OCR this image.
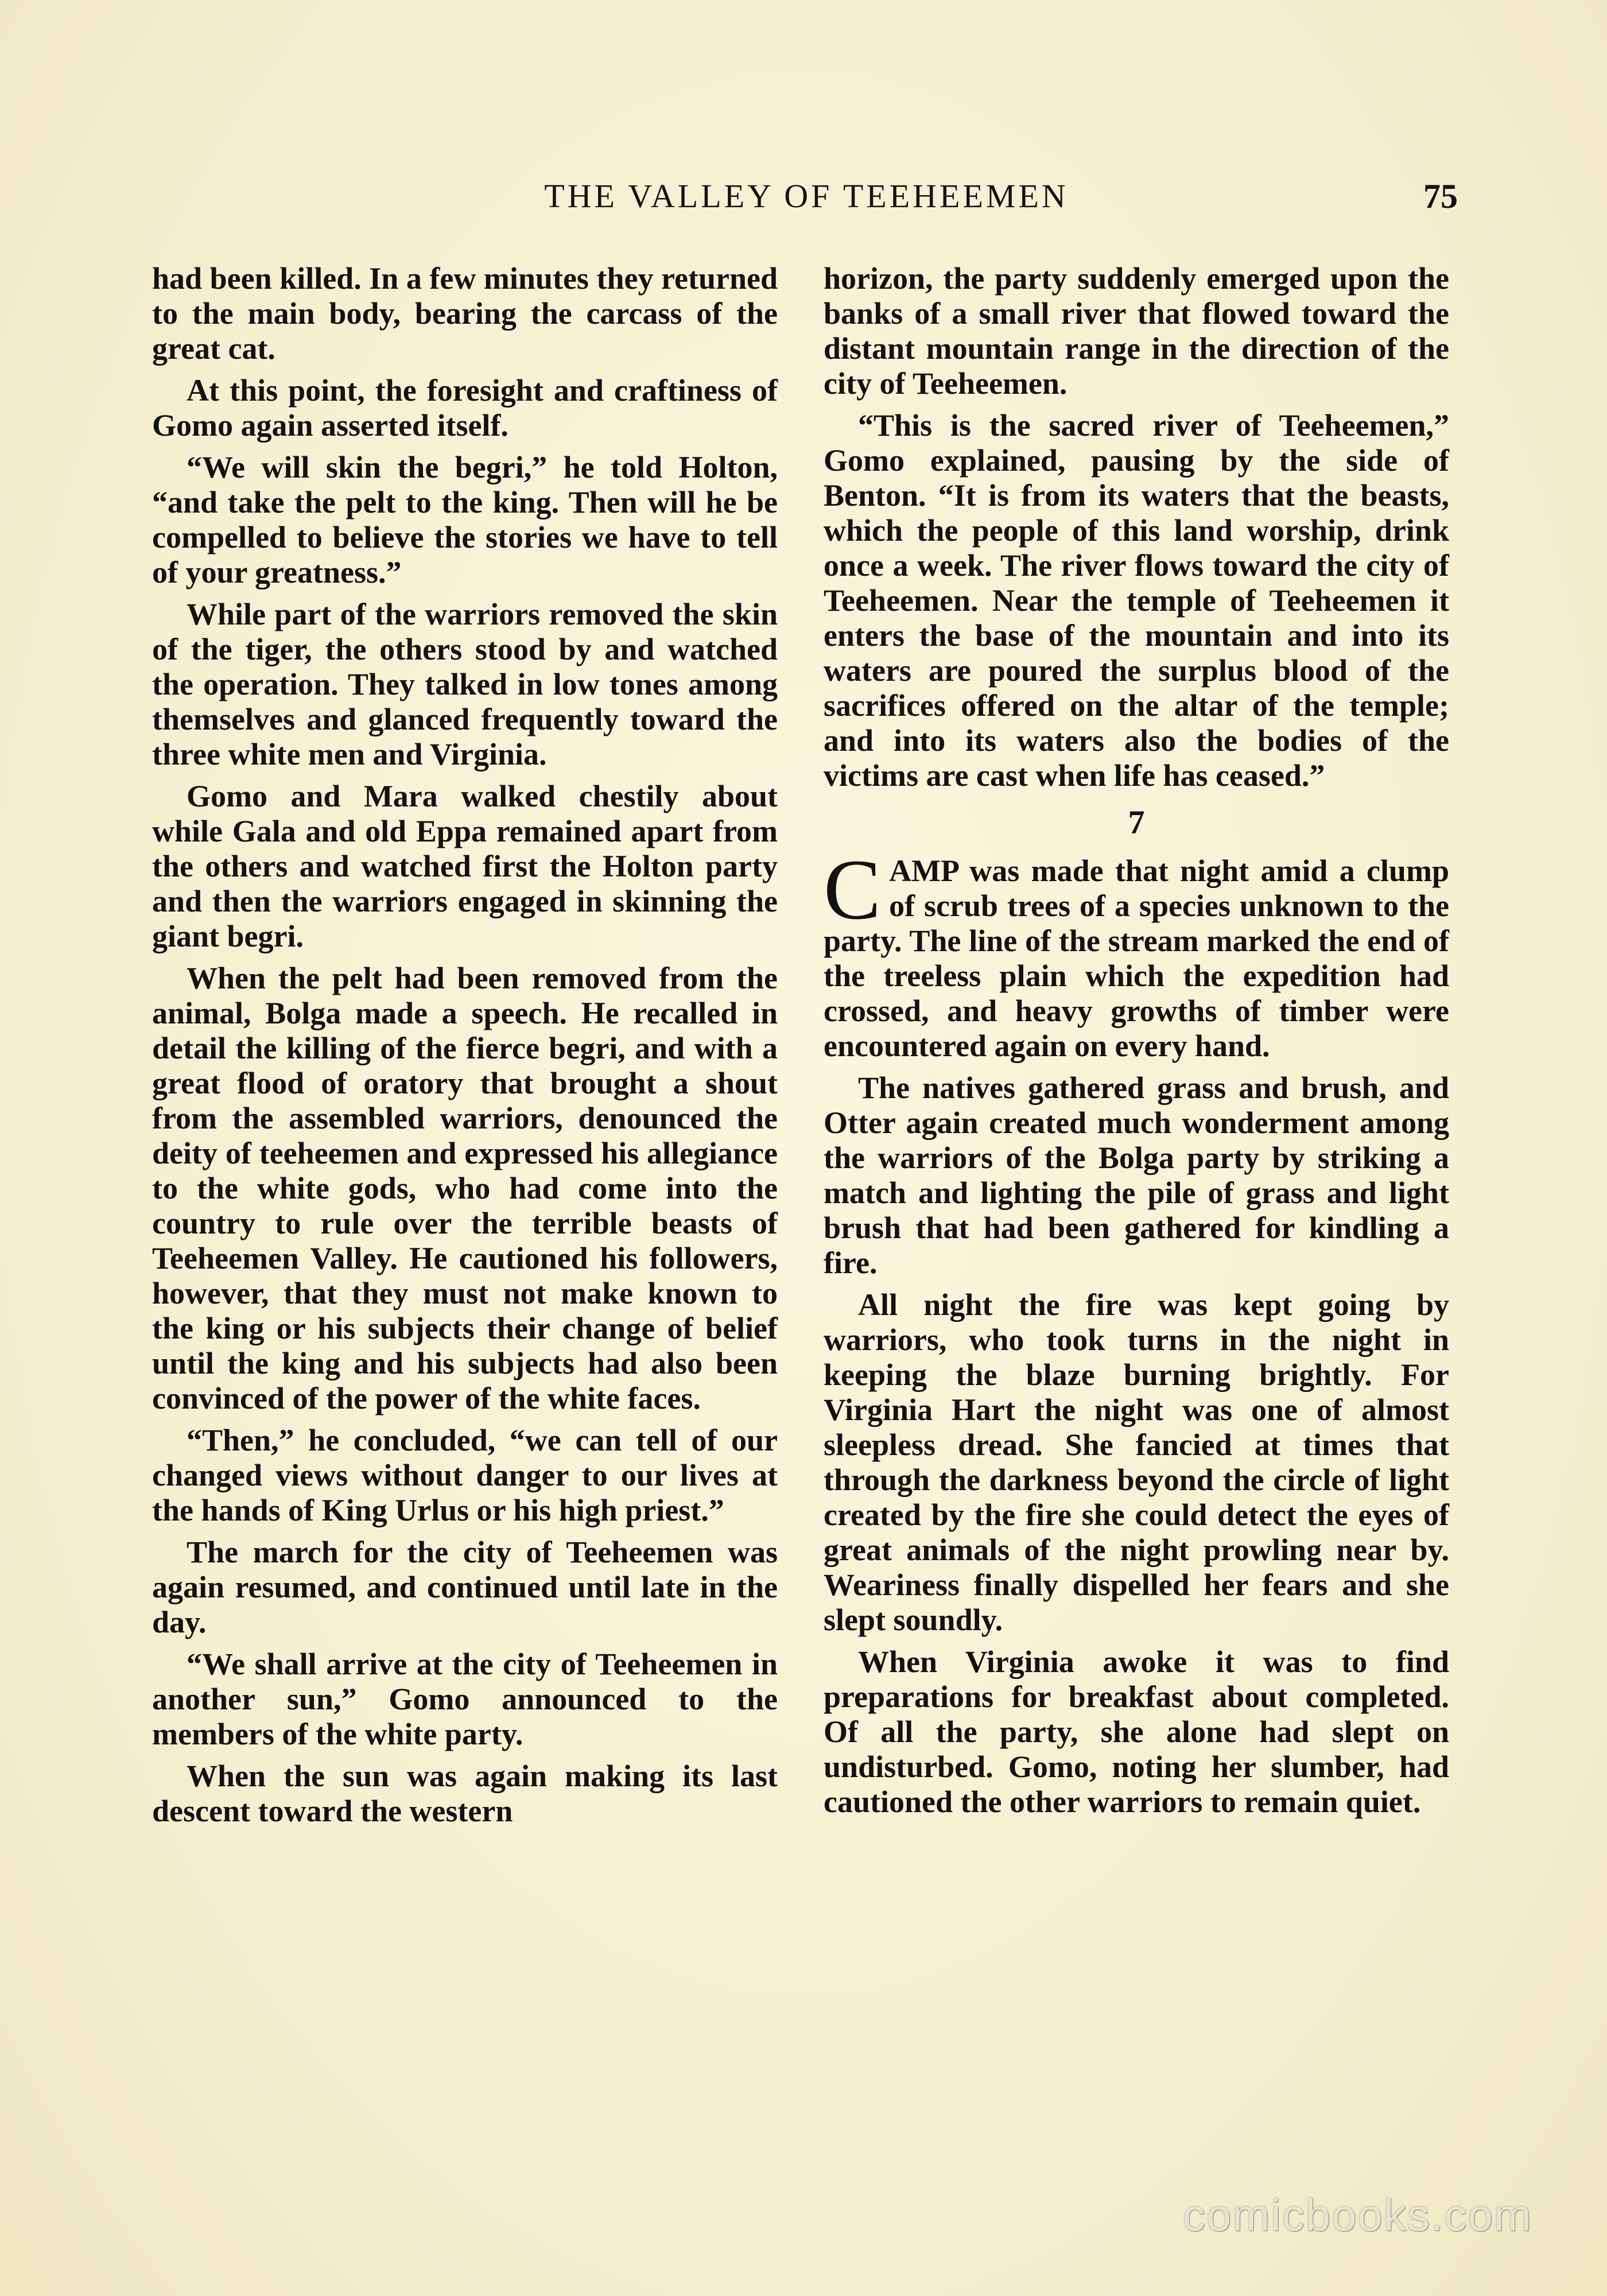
THE VALLEY OF TEEHEEMEN	75

had been killed. In a few minutes they returned to the main body, bearing the carcass of the great cat.

At this point, the foresight and craftiness of Gomo again asserted itself.

“We will skin the begri,” he told Holton, “and take the pelt to the king. Then will he be compelled to believe the stories we have to tell of your greatness.”

While part of the warriors removed the skin of the tiger, the others stood by and watched the operation. They talked in low tones among themselves and glanced frequently toward the three white men and Virginia.

Gomo and Mara walked chestily about while Gala and old Eppa remained apart from the others and watched first the Holton party and then the warriors engaged in skinning the giant begri.

When the pelt had been removed from the animal, Bolga made a speech. He recalled in detail the killing of the fierce begri, and with a great flood of oratory that brought a shout from the assembled warriors, denounced the deity of teeheemen and expressed his allegiance to the white gods, who had come into the country to rule over the terrible beasts of Teeheemen Valley. He cautioned his followers, however, that they must not make known to the king or his subjects their change of belief until the king and his subjects had also been convinced of the power of the white faces.

“Then,” he concluded, “we can tell of our changed views without danger to our lives at the hands of King Urlus or his high priest.”

The march for the city of Teeheemen was again resumed, and continued until late in the day.

“We shall arrive at the city of Teeheemen in another sun,” Gomo announced to the members of the white party.

When the sun was again making its last descent toward the western

horizon, the party suddenly emerged upon the banks of a small river that flowed toward the distant mountain range in the direction of the city of Teeheemen.

“This is the sacred river of Teeheemen,” Gomo explained, pausing by the side of Benton. “It is from its waters that the beasts, which the people of this land worship, drink once a week. The river flows toward the city of Teeheemen. Near the temple of Teeheemen it enters the base of the mountain and into its waters are poured the surplus blood of the sacrifices offered on the altar of the temple; and into its waters also the bodies of the victims are cast when life has ceased.”

7

CAMP was made that night amid a clump of scrub trees of a species unknown to the party. The line of the stream marked the end of the treeless plain which the expedition had crossed, and heavy growths of timber were encountered again on every hand.

The natives gathered grass and brush, and Otter again created much wonderment among the warriors of the Bolga party by striking a match and lighting the pile of grass and light brush that had been gathered for kindling a fire.

All night the fire was kept going by warriors, who took turns in the night in keeping the blaze burning brightly. For Virginia Hart the night was one of almost sleepless dread. She fancied at times that through the darkness beyond the circle of light created by the fire she could detect the eyes of great animals of the night prowling near by. Weariness finally dispelled her fears and she slept soundly.

When Virginia awoke it was to find preparations for breakfast about completed. Of all the party, she alone had slept on undisturbed. Gomo, noting her slumber, had cautioned the other warriors to remain quiet.

comicbooks.com
